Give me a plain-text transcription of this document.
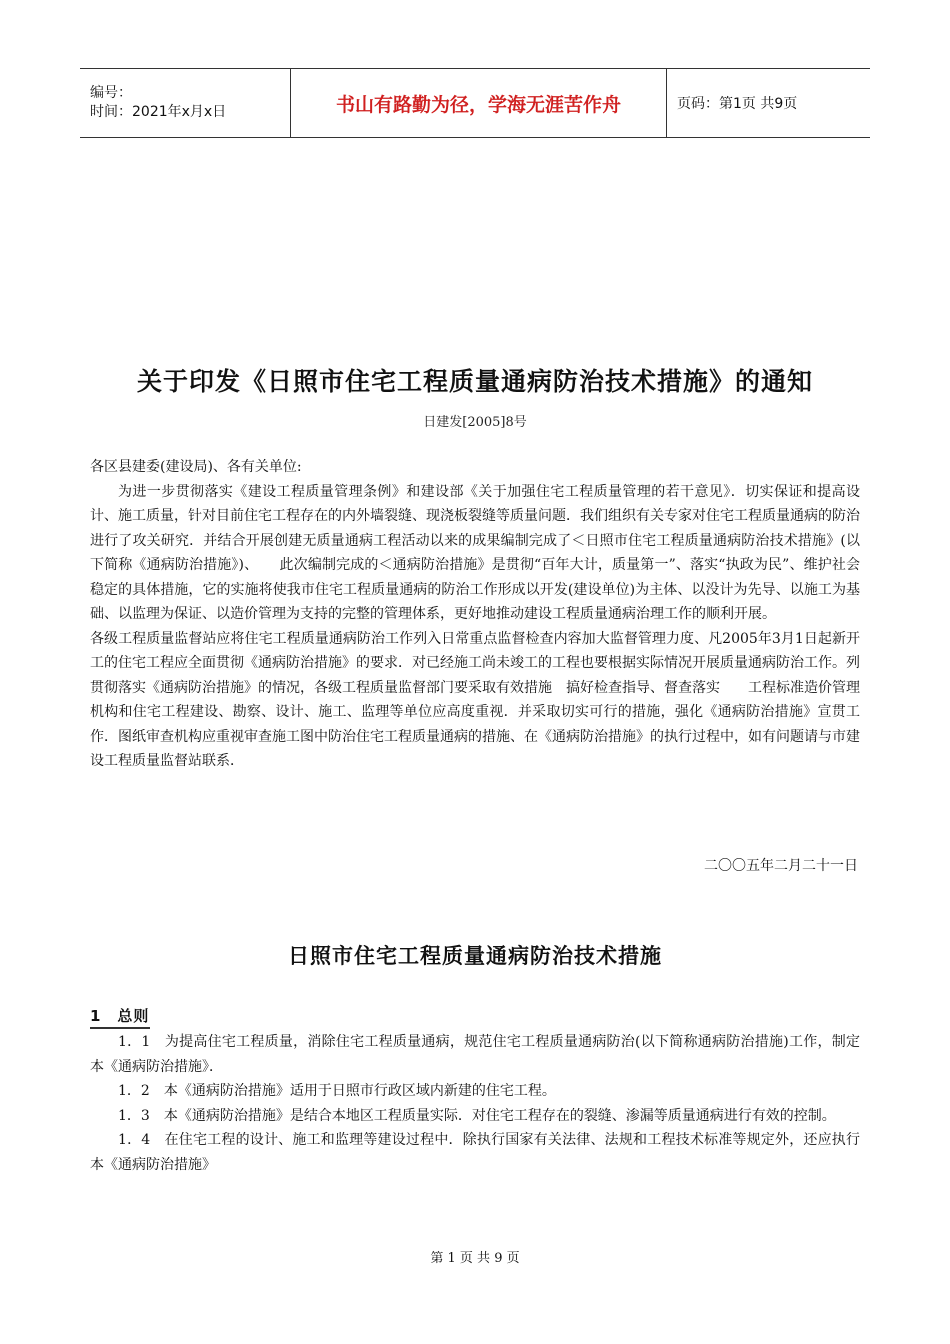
编号：
时间：2021年x月x日	书山有路勤为径，学海无涯苦作舟	页码：第1页 共9页
关于印发《日照市住宅工程质量通病防治技术措施》的通知
日建发[2005]8号

各区县建委(建设局)、各有关单位:

为进一步贯彻落实《建设工程质量管理条例》和建设部《关于加强住宅工程质量管理的若干意见》．切实保证和提高设计、施工质量，针对目前住宅工程存在的内外墙裂缝、现浇板裂缝等质量问题．我们组织有关专家对住宅工程质量通病的防治进行了攻关研究．并结合开展创建无质量通病工程活动以来的成果编制完成了＜日照市住宅工程质量通病防治技术措施》(以下简称《通病防治措施》)、　　此次编制完成的＜通病防治措施》是贯彻“百年大计，质量第一”、落实“执政为民”、维护社会稳定的具体措施，它的实施将使我市住宅工程质量通病的防治工作形成以开发(建设单位)为主体、以没计为先导、以施工为基础、以监理为保证、以造价管理为支持的完整的管理体系，更好地推动建设工程质量通病治理工作的顺利开展。

各级工程质量监督站应将住宅工程质量通病防治工作列入日常重点监督检查内容加大监督管理力度、凡2005年3月1日起新开工的住宅工程应全面贯彻《通病防治措施》的要求．对已经施工尚未竣工的工程也要根据实际情况开展质量通病防治工作。列贯彻落实《通病防治措施》的情况，各级工程质量监督部门要采取有效措施　搞好检查指导、督查落实　　工程标准造价管理机构和住宅工程建设、勘察、设计、施工、监理等单位应高度重视．并采取切实可行的措施，强化《通病防治措施》宣贯工作．图纸审查机构应重视审查施工图中防治住宅工程质量通病的措施、在《通病防治措施》的执行过程中，如有问题请与市建设工程质量监督站联系．

二〇〇五年二月二十一日
日照市住宅工程质量通病防治技术措施
1　总则

1．1　为提高住宅工程质量，消除住宅工程质量通病，规范住宅工程质量通病防治(以下简称通病防治措施)工作，制定本《通病防治措施》．

1．2　本《通病防治措施》适用于日照市行政区域内新建的住宅工程。

1．3　本《通病防治措施》是结合本地区工程质量实际．对住宅工程存在的裂缝、渗漏等质量通病进行有效的控制。

1．4　在住宅工程的设计、施工和监理等建设过程中．除执行国家有关法律、法规和工程技术标准等规定外，还应执行本《通病防治措施》

第 1 页 共 9 页
